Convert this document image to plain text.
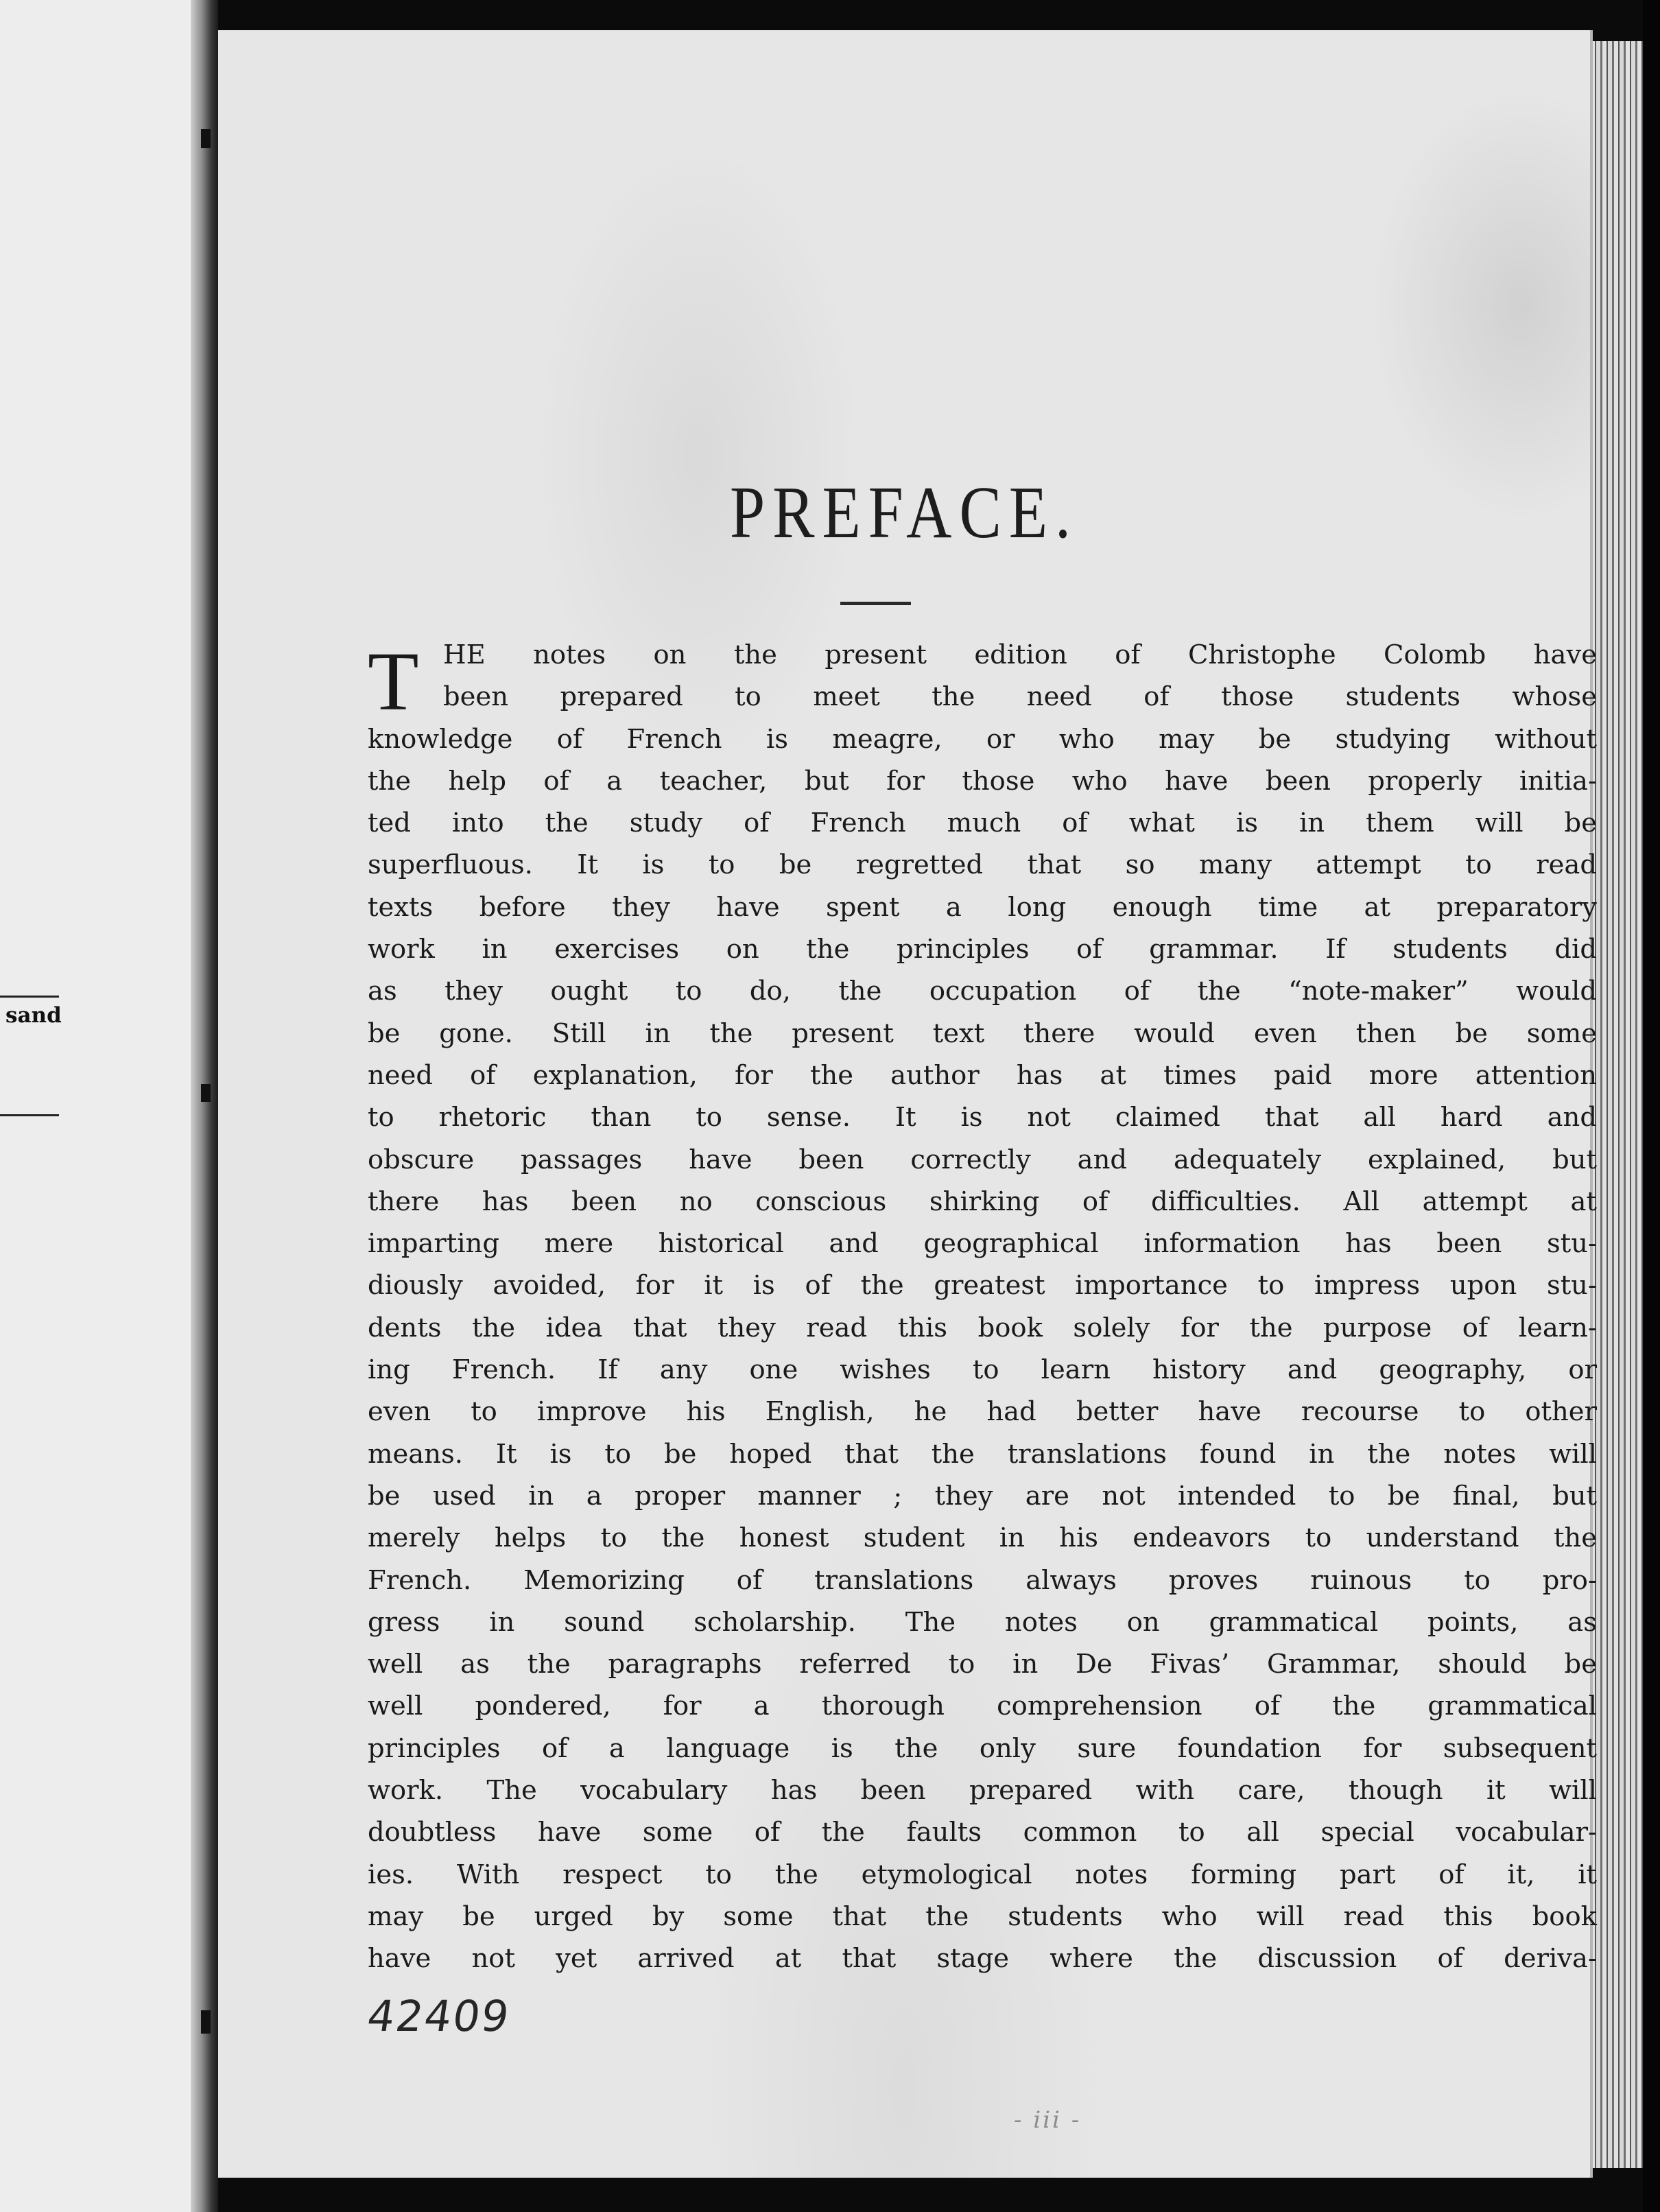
sand
PREFACE.
T HE notes on the present edition of Christophe Colomb have
been prepared to meet the need of those students whose
knowledge of French is meagre, or who may be studying without
the help of a teacher, but for those who have been properly initia-
ted into the study of French much of what is in them will be
superfluous. It is to be regretted that so many attempt to read
texts before they have spent a long enough time at preparatory
work in exercises on the principles of grammar. If students did
as they ought to do, the occupation of the “note-maker” would
be gone. Still in the present text there would even then be some
need of explanation, for the author has at times paid more attention
to rhetoric than to sense. It is not claimed that all hard and
obscure passages have been correctly and adequately explained, but
there has been no conscious shirking of difficulties. All attempt at
imparting mere historical and geographical information has been stu-
diously avoided, for it is of the greatest importance to impress upon stu-
dents the idea that they read this book solely for the purpose of learn-
ing French. If any one wishes to learn history and geography, or
even to improve his English, he had better have recourse to other
means. It is to be hoped that the translations found in the notes will
be used in a proper manner ; they are not intended to be final, but
merely helps to the honest student in his endeavors to understand the
French. Memorizing of translations always proves ruinous to pro-
gress in sound scholarship. The notes on grammatical points, as
well as the paragraphs referred to in De Fivas’ Grammar, should be
well pondered, for a thorough comprehension of the grammatical
principles of a language is the only sure foundation for subsequent
work. The vocabulary has been prepared with care, though it will
doubtless have some of the faults common to all special vocabular-
ies. With respect to the etymological notes forming part of it, it
may be urged by some that the students who will read this book
have not yet arrived at that stage where the discussion of deriva-
42409
- iii -
